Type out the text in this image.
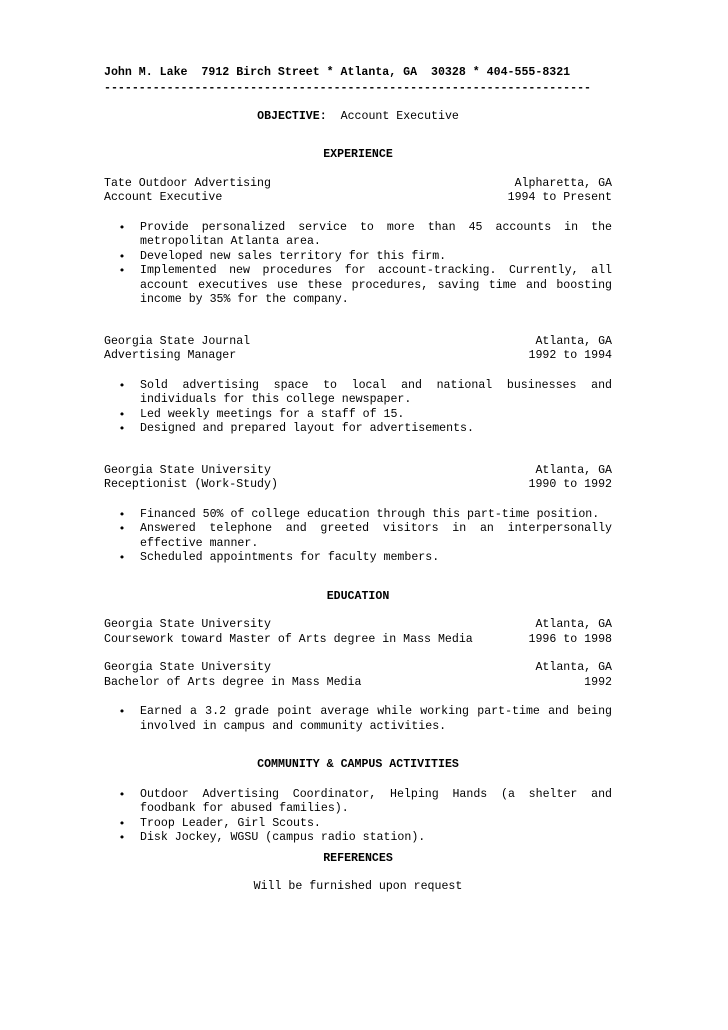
John M. Lake  7912 Birch Street * Atlanta, GA  30328 * 404-555-8321
----------------------------------------------------------------------
OBJECTIVE: Account Executive
EXPERIENCE
Tate Outdoor Advertising	Alpharetta, GA
Account Executive	1994 to Present
• Provide personalized service to more than 45 accounts in the metropolitan Atlanta area.
• Developed new sales territory for this firm.
• Implemented new procedures for account-tracking. Currently, all account executives use these procedures, saving time and boosting income by 35% for the company.
Georgia State Journal	Atlanta, GA
Advertising Manager	1992 to 1994
• Sold advertising space to local and national businesses and individuals for this college newspaper.
• Led weekly meetings for a staff of 15.
• Designed and prepared layout for advertisements.
Georgia State University	Atlanta, GA
Receptionist (Work-Study)	1990 to 1992
• Financed 50% of college education through this part-time position.
• Answered telephone and greeted visitors in an interpersonally effective manner.
• Scheduled appointments for faculty members.
EDUCATION
Georgia State University	Atlanta, GA
Coursework toward Master of Arts degree in Mass Media	1996 to 1998
Georgia State University	Atlanta, GA
Bachelor of Arts degree in Mass Media	1992
• Earned a 3.2 grade point average while working part-time and being involved in campus and community activities.
COMMUNITY & CAMPUS ACTIVITIES
• Outdoor Advertising Coordinator, Helping Hands (a shelter and foodbank for abused families).
• Troop Leader, Girl Scouts.
• Disk Jockey, WGSU (campus radio station).
REFERENCES
Will be furnished upon request
